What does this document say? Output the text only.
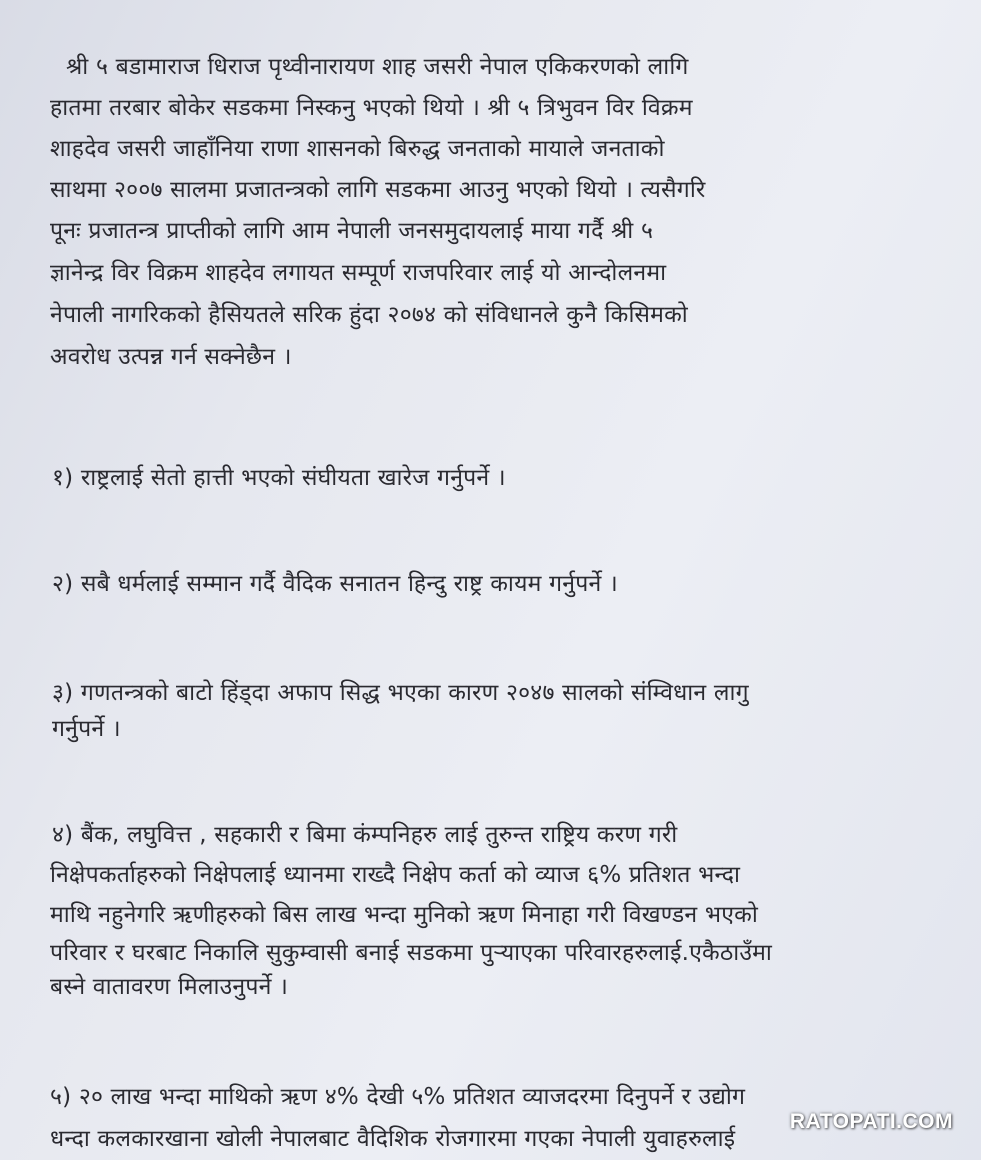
श्री ५ बडामाराज धिराज पृथ्वीनारायण शाह जसरी नेपाल एकिकरणको लागि
हातमा तरबार बोकेर सडकमा निस्कनु भएको थियो । श्री ५ त्रिभुवन विर विक्रम
शाहदेव जसरी जाहाँनिया राणा शासनको बिरुद्ध जनताको मायाले जनताको
साथमा २००७ सालमा प्रजातन्त्रको लागि सडकमा आउनु भएको थियो । त्यसैगरि
पूनः प्रजातन्त्र प्राप्तीको लागि आम नेपाली जनसमुदायलाई माया गर्दै श्री ५
ज्ञानेन्द्र विर विक्रम शाहदेव लगायत सम्पूर्ण राजपरिवार लाई यो आन्दोलनमा
नेपाली नागरिकको हैसियतले सरिक हुंदा २०७४ को संविधानले कुनै किसिमको
अवरोध उत्पन्न गर्न सक्नेछैन ।
१) राष्ट्रलाई सेतो हात्ती भएको संघीयता खारेज गर्नुपर्ने ।
२) सबै धर्मलाई सम्मान गर्दै वैदिक सनातन हिन्दु राष्ट्र कायम गर्नुपर्ने ।
३) गणतन्त्रको बाटो हिंड्दा अफाप सिद्ध भएका कारण २०४७ सालको संम्विधान लागु
गर्नुपर्ने ।
४) बैंक, लघुवित्त , सहकारी र बिमा कंम्पनिहरु लाई तुरुन्त राष्ट्रिय करण गरी
निक्षेपकर्ताहरुको निक्षेपलाई ध्यानमा राख्दै निक्षेप कर्ता को व्याज ६% प्रतिशत भन्दा
माथि नहुनेगरि ऋणीहरुको बिस लाख भन्दा मुनिको ऋण मिनाहा गरी विखण्डन भएको
परिवार र घरबाट निकालि सुकुम्वासी बनाई सडकमा पुऱ्याएका परिवारहरुलाई.एकैठाउँमा
बस्ने वातावरण मिलाउनुपर्ने ।
५) २० लाख भन्दा माथिको ऋण ४% देखी ५% प्रतिशत व्याजदरमा दिनुपर्ने र उद्योग
धन्दा कलकारखाना खोली नेपालबाट वैदिशिक रोजगारमा गएका नेपाली युवाहरुलाई
RATOPATI.COM
